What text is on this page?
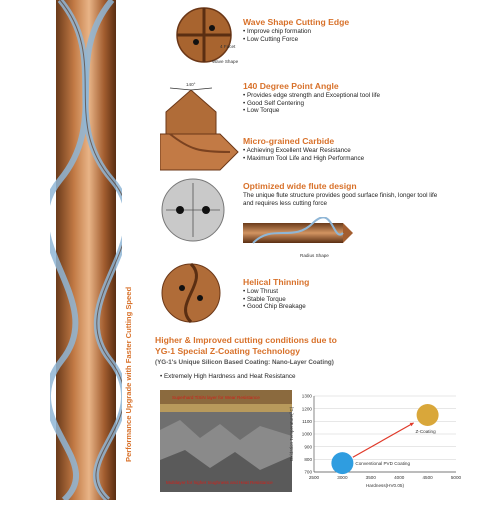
Performance Upgrade with Faster Cutting Speed
4 Facet
Wave Shape
Wave Shape Cutting Edge
• Improve chip formation
• Low Cutting Force
140°	140 Degree Point Angle
• Provides edge strength and Exceptional tool life
• Good Self Centering
• Low Torque
Micro-grained Carbide
• Achieving Excellent Wear Resistance
• Maximum Tool Life and High Performance
Optimized wide flute design
The unique flute structure provides good surface finish, longer tool life and requires less cutting force
Radius Shape
Helical Thinning
• Low Thrust
• Stable Torque
• Good Chip Breakage
Higher & Improved cutting conditions due to
YG-1 Special Z-Coating Technology
(YG-1's Unique Silicon Based Coating: Nano-Layer Coating)
• Extremely High Hardness and Heat Resistance
Superhard TiSiN layer for Wear Resistance
Multilayer for higher toughness and Heat Resistance
700
800
900
1000
1100
1200
1300
2500	3000	3500	4000	4500	5000
Hardness(HV0.05)
Oxidation Temperature(°C)
Conventional PVD Coating
Z-Coating
